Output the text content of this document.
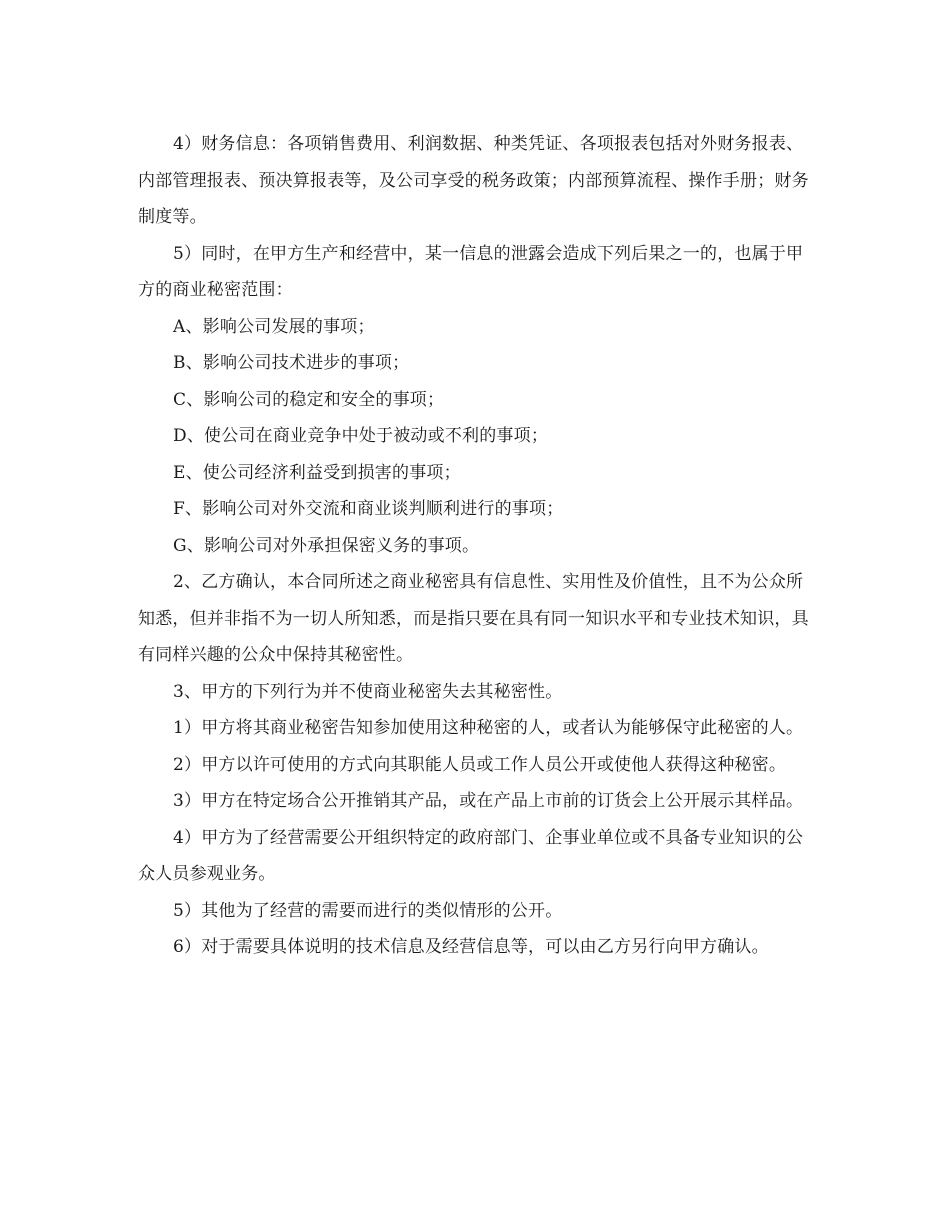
4）财务信息：各项销售费用、利润数据、种类凭证、各项报表包括对外财务报表、内部管理报表、预决算报表等，及公司享受的税务政策；内部预算流程、操作手册；财务制度等。

5）同时，在甲方生产和经营中，某一信息的泄露会造成下列后果之一的，也属于甲方的商业秘密范围：

A、影响公司发展的事项；

B、影响公司技术进步的事项；

C、影响公司的稳定和安全的事项；

D、使公司在商业竞争中处于被动或不利的事项；

E、使公司经济利益受到损害的事项；

F、影响公司对外交流和商业谈判顺利进行的事项；

G、影响公司对外承担保密义务的事项。

2、乙方确认，本合同所述之商业秘密具有信息性、实用性及价值性，且不为公众所知悉，但并非指不为一切人所知悉，而是指只要在具有同一知识水平和专业技术知识，具有同样兴趣的公众中保持其秘密性。

3、甲方的下列行为并不使商业秘密失去其秘密性。

1）甲方将其商业秘密告知参加使用这种秘密的人，或者认为能够保守此秘密的人。

2）甲方以许可使用的方式向其职能人员或工作人员公开或使他人获得这种秘密。

3）甲方在特定场合公开推销其产品，或在产品上市前的订货会上公开展示其样品。

4）甲方为了经营需要公开组织特定的政府部门、企事业单位或不具备专业知识的公众人员参观业务。

5）其他为了经营的需要而进行的类似情形的公开。

6）对于需要具体说明的技术信息及经营信息等，可以由乙方另行向甲方确认。
